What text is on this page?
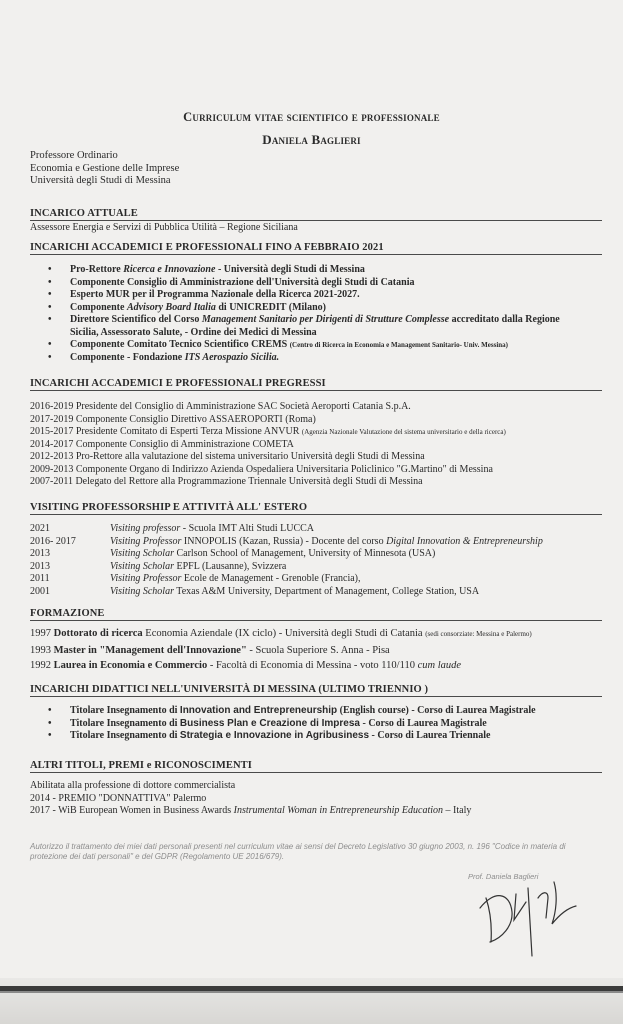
Curriculum vitae scientifico e professionale
Daniela Baglieri
Professore Ordinario
Economia e Gestione delle Imprese
Università degli Studi di Messina
INCARICO ATTUALE
Assessore Energia e Servizi di Pubblica Utilità – Regione Siciliana
INCARICHI ACCADEMICI E PROFESSIONALI FINO A FEBBRAIO 2021
• Pro-Rettore Ricerca e Innovazione - Università degli Studi di Messina
• Componente Consiglio di Amministrazione dell'Università degli Studi di Catania
• Esperto MUR per il Programma Nazionale della Ricerca 2021-2027.
• Componente Advisory Board Italia di UNICREDIT (Milano)
• Direttore Scientifico del Corso Management Sanitario per Dirigenti di Strutture Complesse accreditato dalla Regione
Sicilia, Assessorato Salute, - Ordine dei Medici di Messina
• Componente Comitato Tecnico Scientifico CREMS (Centro di Ricerca in Economia e Management Sanitario- Univ. Messina)
• Componente - Fondazione ITS Aerospazio Sicilia.
INCARICHI ACCADEMICI E PROFESSIONALI PREGRESSI
2016-2019 Presidente del Consiglio di Amministrazione SAC Società Aeroporti Catania S.p.A.
2017-2019 Componente Consiglio Direttivo ASSAEROPORTI (Roma)
2015-2017 Presidente Comitato di Esperti Terza Missione ANVUR (Agenzia Nazionale Valutazione del sistema universitario e della ricerca)
2014-2017 Componente Consiglio di Amministrazione COMETA
2012-2013 Pro-Rettore alla valutazione del sistema universitario Università degli Studi di Messina
2009-2013 Componente Organo di Indirizzo Azienda Ospedaliera Universitaria Policlinico "G.Martino" di Messina
2007-2011 Delegato del Rettore alla Programmazione Triennale Università degli Studi di Messina
VISITING PROFESSORSHIP E ATTIVITÀ ALL' ESTERO
2021	Visiting professor - Scuola IMT Alti Studi LUCCA
2016- 2017	Visiting Professor INNOPOLIS (Kazan, Russia) - Docente del corso Digital Innovation & Entrepreneurship
2013	Visiting Scholar Carlson School of Management, University of Minnesota (USA)
2013	Visiting Scholar EPFL (Lausanne), Svizzera
2011	Visiting Professor Ecole de Management - Grenoble (Francia),
2001	Visiting Scholar Texas A&M University, Department of Management, College Station, USA
FORMAZIONE
1997 Dottorato di ricerca Economia Aziendale (IX ciclo) - Università degli Studi di Catania (sedi consorziate: Messina e Palermo)
1993 Master in "Management dell'Innovazione" - Scuola Superiore S. Anna - Pisa
1992 Laurea in Economia e Commercio - Facoltà di Economia di Messina - voto 110/110 cum laude
INCARICHI DIDATTICI NELL'UNIVERSITÀ DI MESSINA (ULTIMO TRIENNIO )
• Titolare Insegnamento di Innovation and Entrepreneurship (English course) - Corso di Laurea Magistrale
• Titolare Insegnamento di Business Plan e Creazione di Impresa - Corso di Laurea Magistrale
• Titolare Insegnamento di Strategia e Innovazione in Agribusiness - Corso di Laurea Triennale
ALTRI TITOLI, PREMI e RICONOSCIMENTI
Abilitata alla professione di dottore commercialista
2014 - PREMIO "DONNATTIVA" Palermo
2017 - WiB European Women in Business Awards Instrumental Woman in Entrepreneurship Education – Italy
Autorizzo il trattamento dei miei dati personali presenti nel curriculum vitae ai sensi del Decreto Legislativo 30 giugno 2003, n. 196 "Codice in materia di protezione dei dati personali" e del GDPR (Regolamento UE 2016/679).
Prof. Daniela Baglieri
